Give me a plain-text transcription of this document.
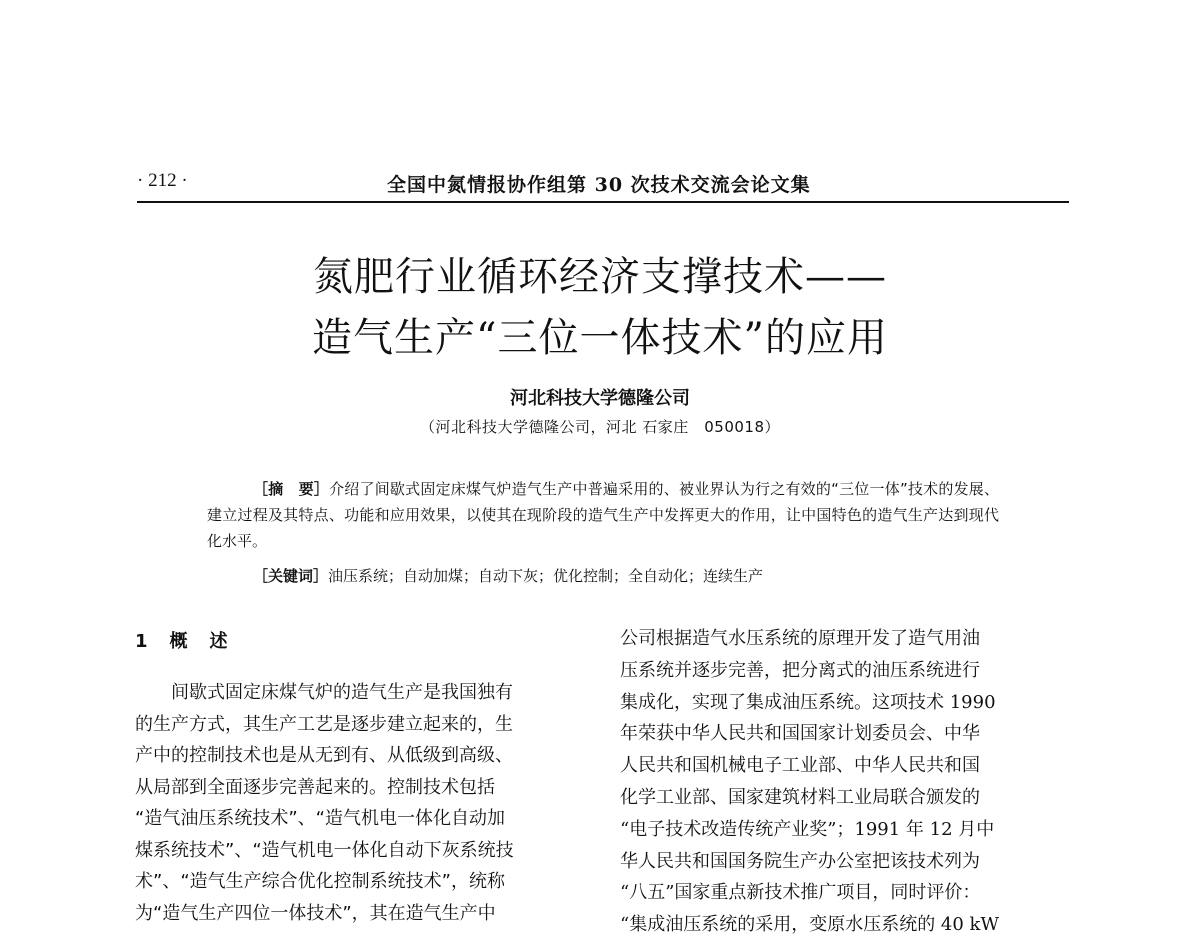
· 212 ·	全国中氮情报协作组第 30 次技术交流会论文集
氮肥行业循环经济支撑技术——
造气生产“三位一体技术”的应用
河北科技大学德隆公司
（河北科技大学德隆公司，河北 石家庄　050018）
［摘　要］介绍了间歇式固定床煤气炉造气生产中普遍采用的、被业界认为行之有效的“三位一体”技术的发展、建立过程及其特点、功能和应用效果，以使其在现阶段的造气生产中发挥更大的作用，让中国特色的造气生产达到现代化水平。
［关键词］油压系统；自动加煤；自动下灰；优化控制；全自动化；连续生产
1　概　述
间歇式固定床煤气炉的造气生产是我国独有
的生产方式，其生产工艺是逐步建立起来的，生
产中的控制技术也是从无到有、从低级到高级、
从局部到全面逐步完善起来的。控制技术包括
“造气油压系统技术”、“造气机电一体化自动加
煤系统技术”、“造气机电一体化自动下灰系统技
术”、“造气生产综合优化控制系统技术”，统称
为“造气生产四位一体技术”，其在造气生产中
公司根据造气水压系统的原理开发了造气用油
压系统并逐步完善，把分离式的油压系统进行
集成化，实现了集成油压系统。这项技术 1990
年荣获中华人民共和国国家计划委员会、中华
人民共和国机械电子工业部、中华人民共和国
化学工业部、国家建筑材料工业局联合颁发的
“电子技术改造传统产业奖”；1991 年 12 月中
华人民共和国国务院生产办公室把该技术列为
“八五”国家重点新技术推广项目，同时评价：
“集成油压系统的采用，变原水压系统的 40 kW
